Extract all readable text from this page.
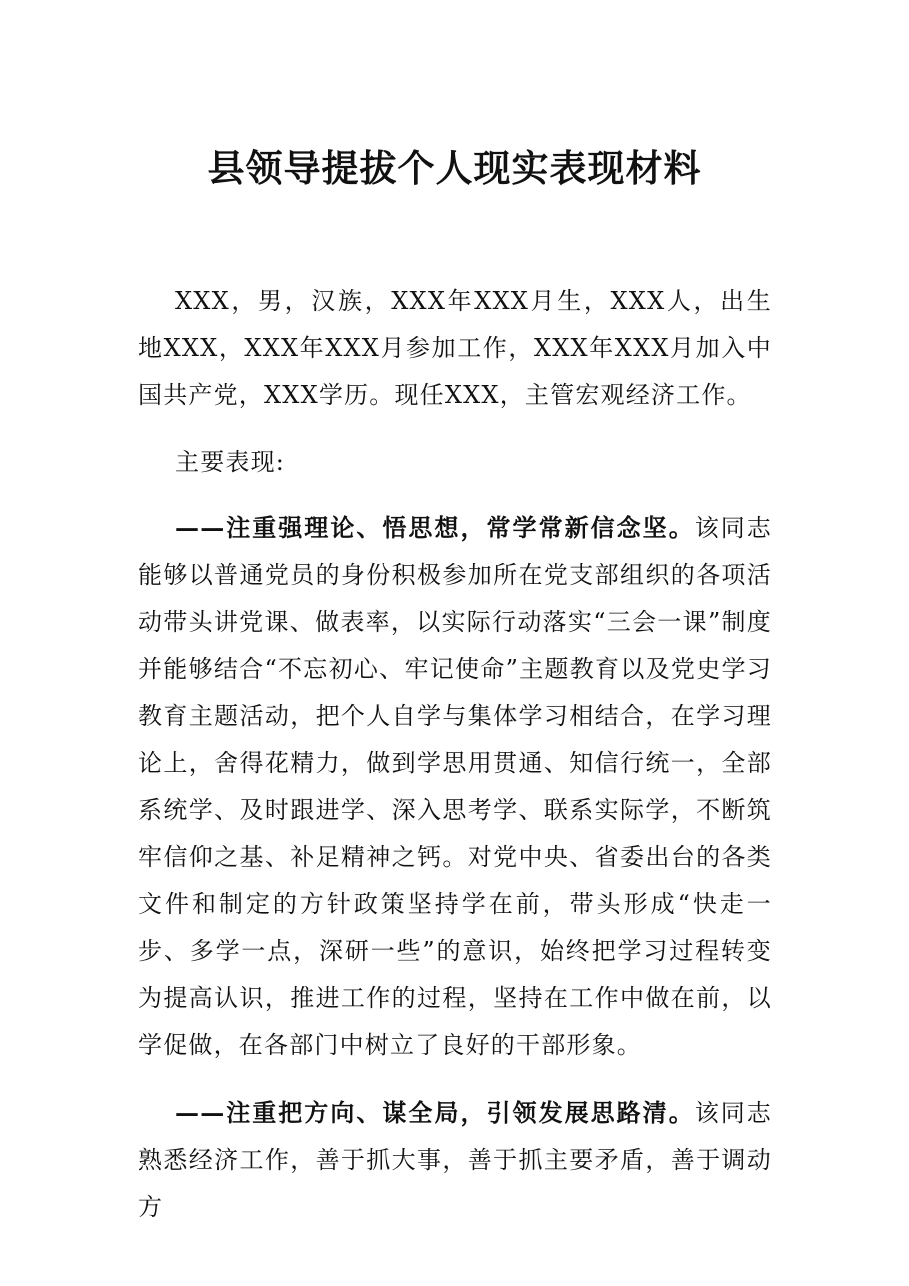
县领导提拔个人现实表现材料

XXX，男，汉族，XXX年XXX月生，XXX人，出生地XXX，XXX年XXX月参加工作，XXX年XXX月加入中国共产党，XXX学历。现任XXX，主管宏观经济工作。

主要表现:

——注重强理论、悟思想，常学常新信念坚。该同志能够以普通党员的身份积极参加所在党支部组织的各项活动带头讲党课、做表率，以实际行动落实“三会一课”制度并能够结合“不忘初心、牢记使命”主题教育以及党史学习教育主题活动，把个人自学与集体学习相结合，在学习理论上，舍得花精力，做到学思用贯通、知信行统一，全部系统学、及时跟进学、深入思考学、联系实际学，不断筑牢信仰之基、补足精神之钙。对党中央、省委出台的各类文件和制定的方针政策坚持学在前，带头形成“快走一步、多学一点，深研一些”的意识，始终把学习过程转变为提高认识，推进工作的过程，坚持在工作中做在前，以学促做，在各部门中树立了良好的干部形象。

——注重把方向、谋全局，引领发展思路清。该同志熟悉经济工作，善于抓大事，善于抓主要矛盾，善于调动方
